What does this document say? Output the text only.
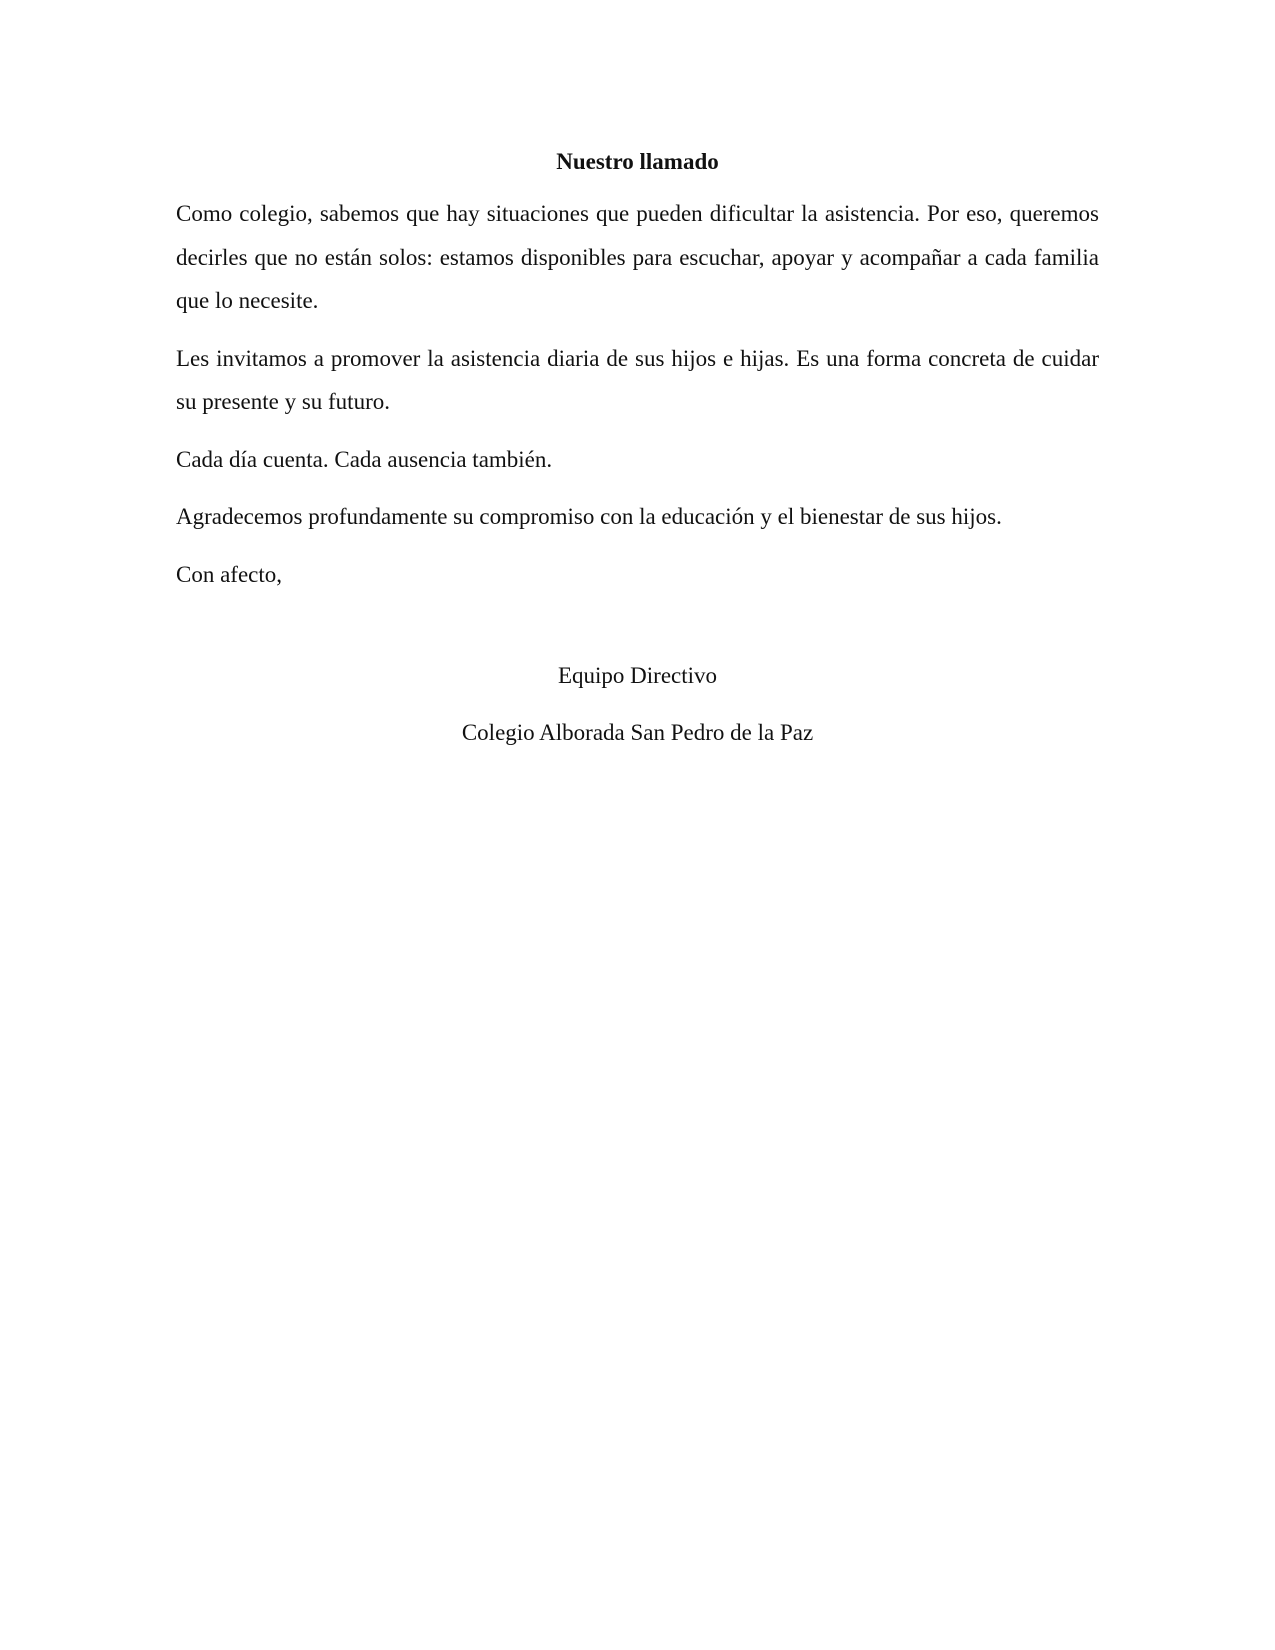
Nuestro llamado

Como colegio, sabemos que hay situaciones que pueden dificultar la asistencia. Por eso, queremos decirles que no están solos: estamos disponibles para escuchar, apoyar y acompañar a cada familia que lo necesite.

Les invitamos a promover la asistencia diaria de sus hijos e hijas. Es una forma concreta de cuidar su presente y su futuro.

Cada día cuenta. Cada ausencia también.

Agradecemos profundamente su compromiso con la educación y el bienestar de sus hijos.

Con afecto,

Equipo Directivo
Colegio Alborada San Pedro de la Paz
